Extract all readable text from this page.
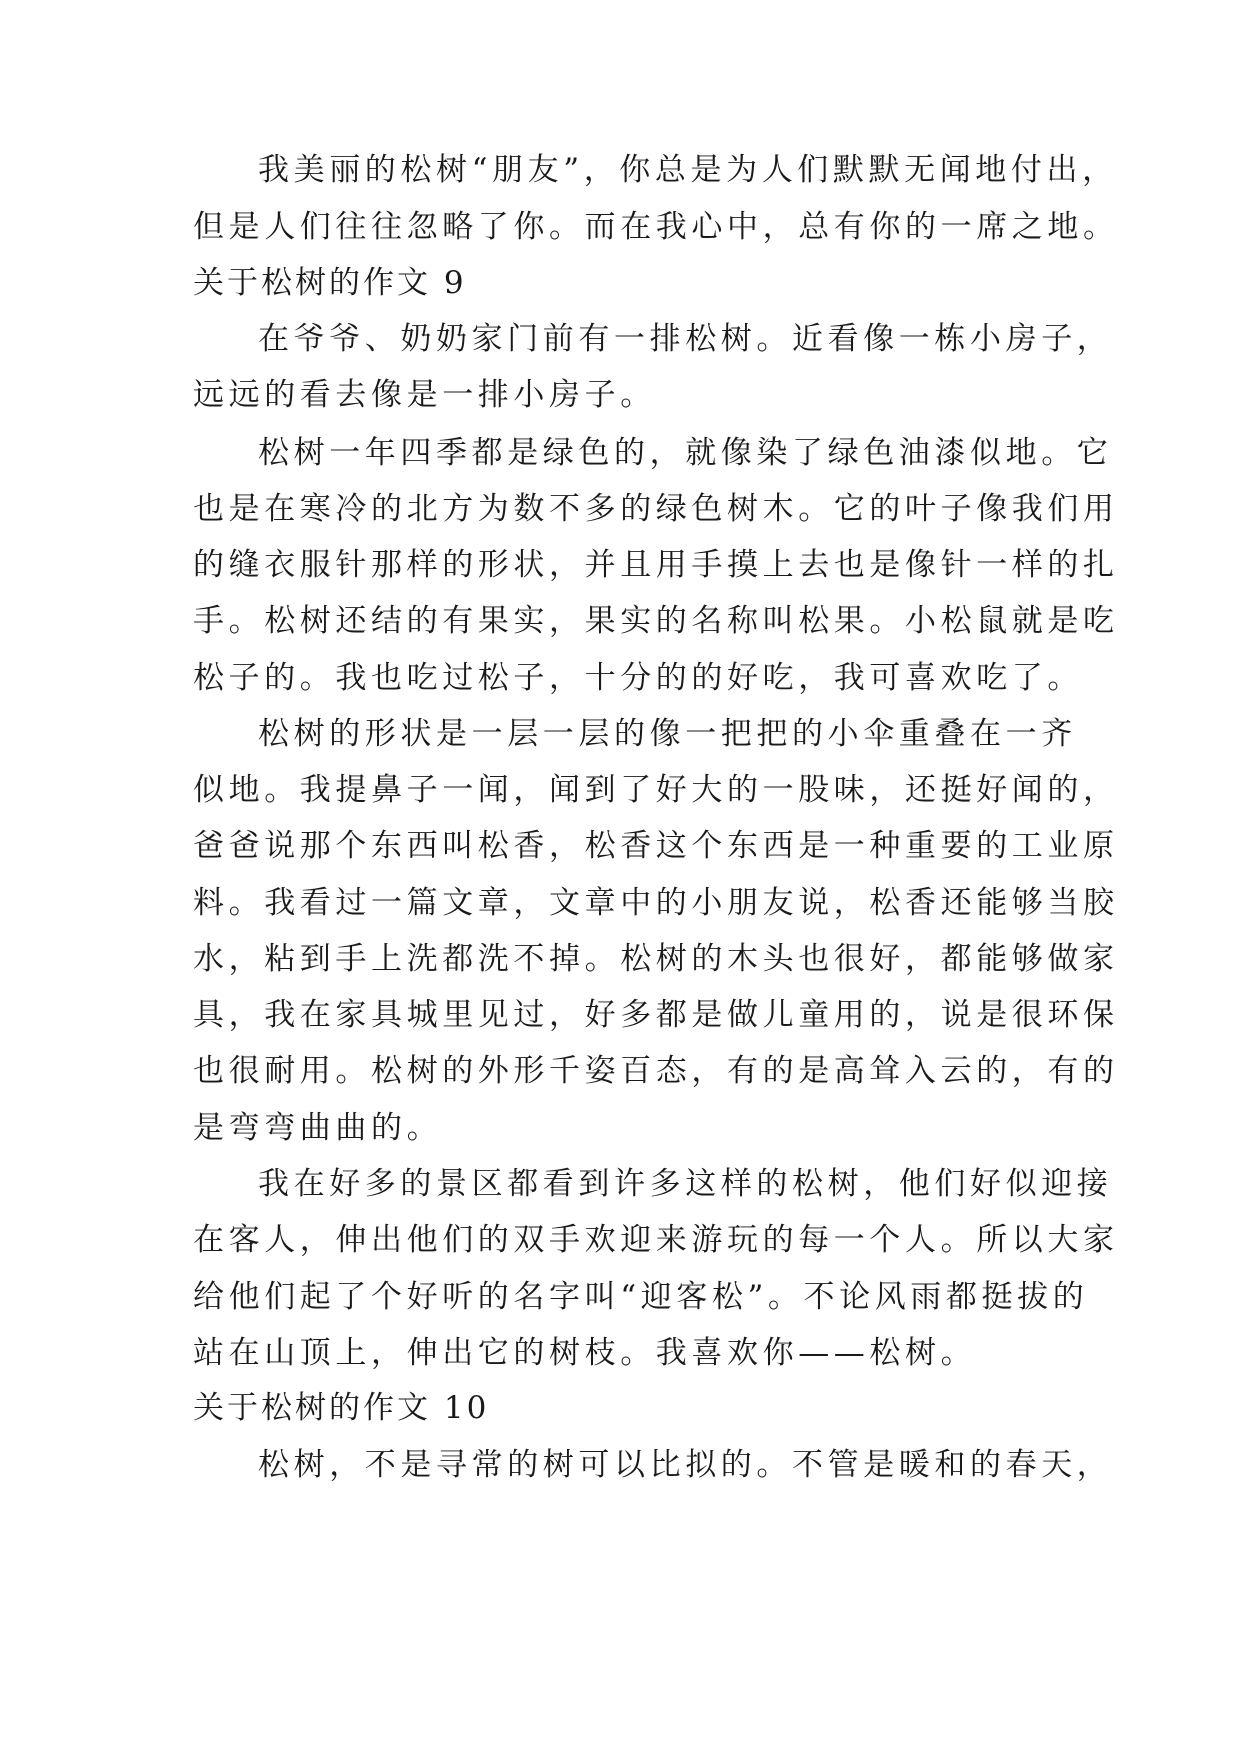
我美丽的松树“朋友”，你总是为人们默默无闻地付出，
但是人们往往忽略了你。而在我心中，总有你的一席之地。
关于松树的作文 9
在爷爷、奶奶家门前有一排松树。近看像一栋小房子，
远远的看去像是一排小房子。
松树一年四季都是绿色的，就像染了绿色油漆似地。它
也是在寒冷的北方为数不多的绿色树木。它的叶子像我们用
的缝衣服针那样的形状，并且用手摸上去也是像针一样的扎
手。松树还结的有果实，果实的名称叫松果。小松鼠就是吃
松子的。我也吃过松子，十分的的好吃，我可喜欢吃了。
松树的形状是一层一层的像一把把的小伞重叠在一齐
似地。我提鼻子一闻，闻到了好大的一股味，还挺好闻的，
爸爸说那个东西叫松香，松香这个东西是一种重要的工业原
料。我看过一篇文章，文章中的小朋友说，松香还能够当胶
水，粘到手上洗都洗不掉。松树的木头也很好，都能够做家
具，我在家具城里见过，好多都是做儿童用的，说是很环保
也很耐用。松树的外形千姿百态，有的是高耸入云的，有的
是弯弯曲曲的。
我在好多的景区都看到许多这样的松树，他们好似迎接
在客人，伸出他们的双手欢迎来游玩的每一个人。所以大家
给他们起了个好听的名字叫“迎客松”。不论风雨都挺拔的
站在山顶上，伸出它的树枝。我喜欢你——松树。
关于松树的作文 10
松树，不是寻常的树可以比拟的。不管是暖和的春天，
